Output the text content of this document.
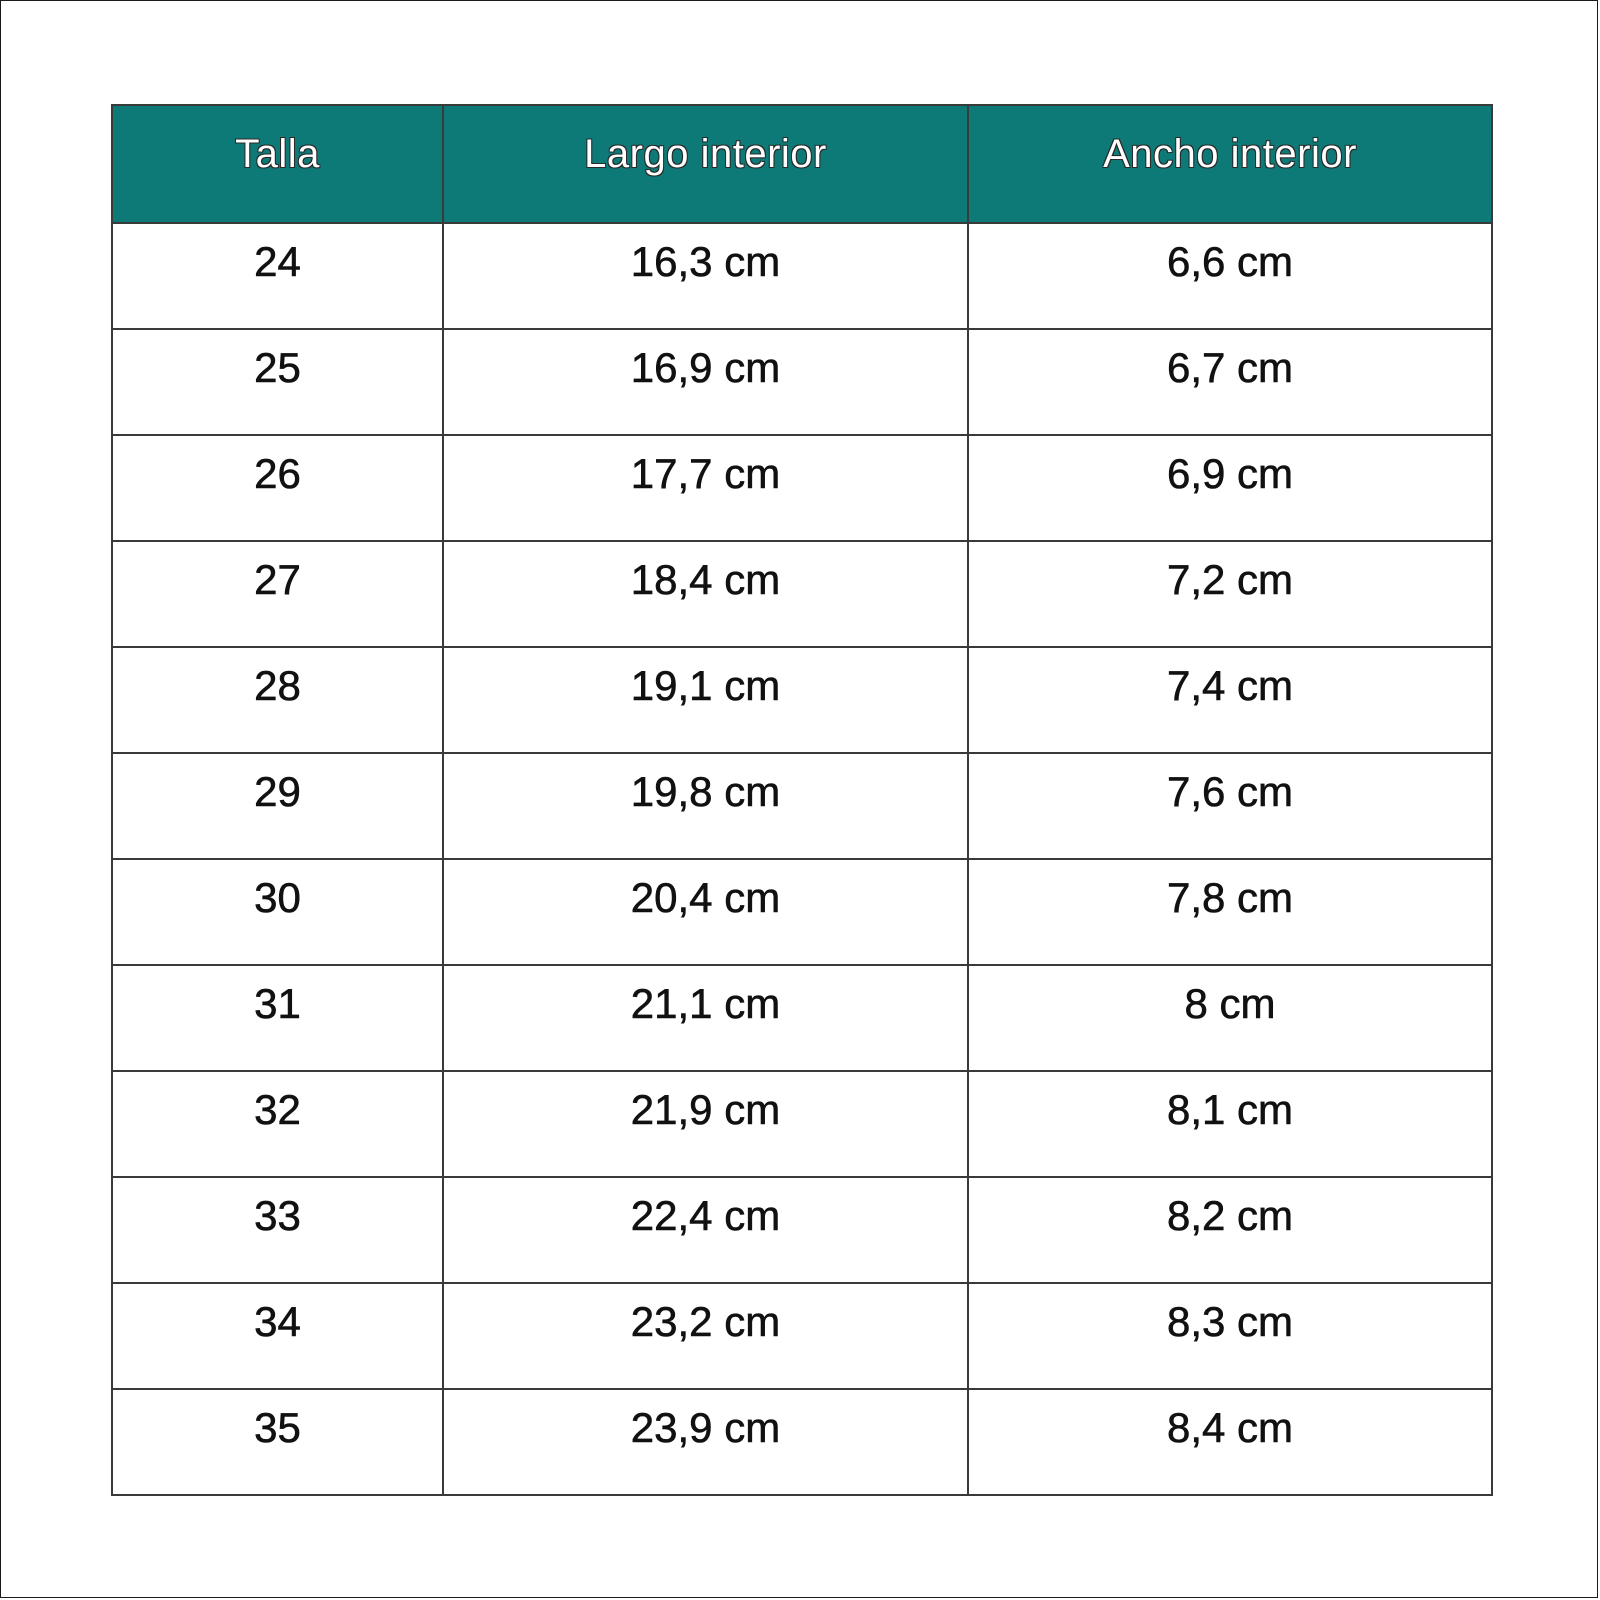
Talla	Largo interior	Ancho interior
24	16,3 cm	6,6 cm
25	16,9 cm	6,7 cm
26	17,7 cm	6,9 cm
27	18,4 cm	7,2 cm
28	19,1 cm	7,4 cm
29	19,8 cm	7,6 cm
30	20,4 cm	7,8 cm
31	21,1 cm	8 cm
32	21,9 cm	8,1 cm
33	22,4 cm	8,2 cm
34	23,2 cm	8,3 cm
35	23,9 cm	8,4 cm
